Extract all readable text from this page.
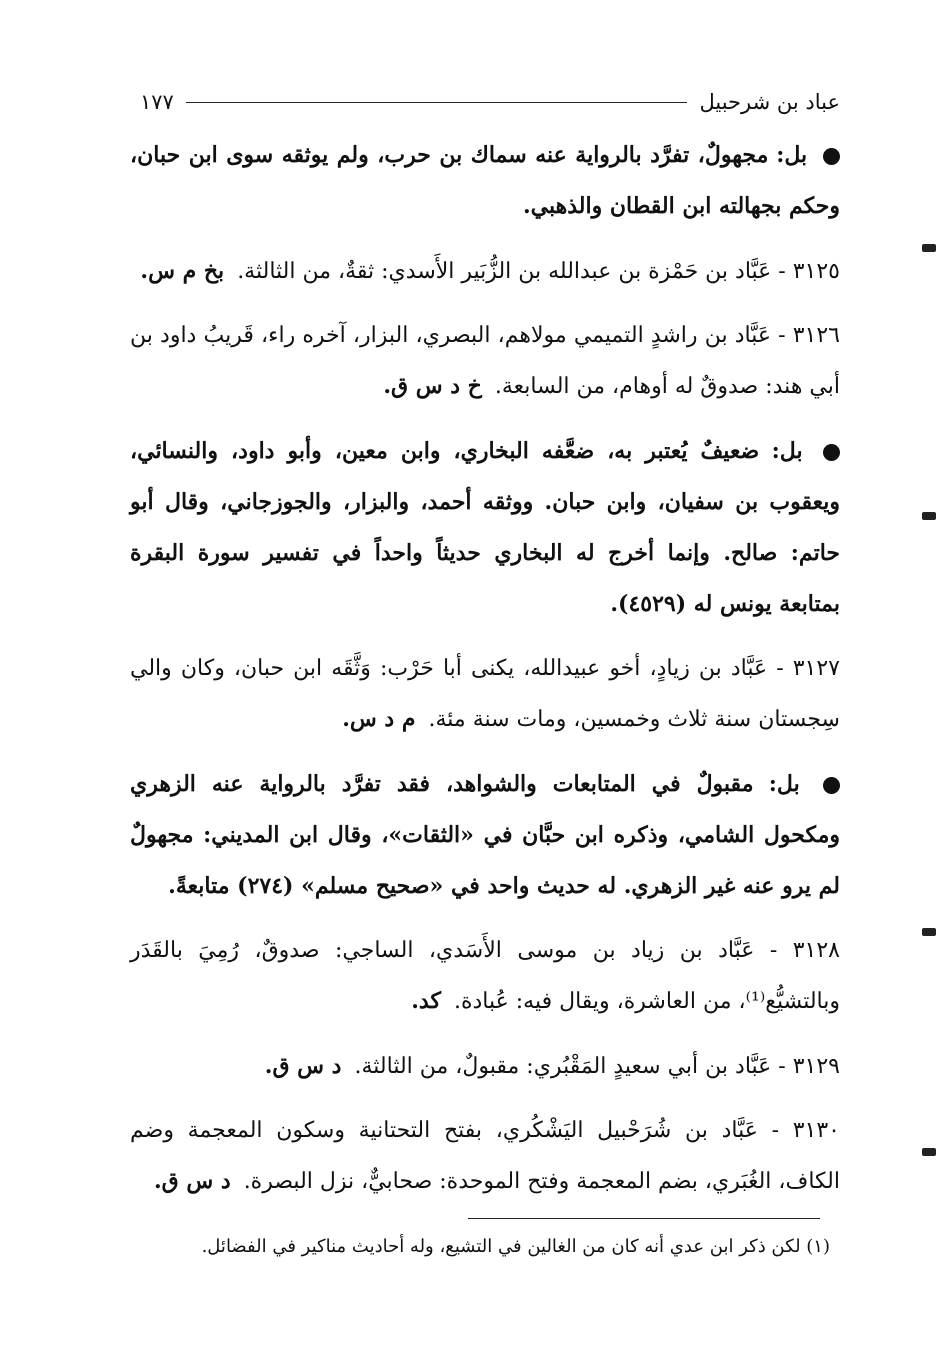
عباد بن شرحبيل
١٧٧

بل: مجهولٌ، تفرَّد بالرواية عنه سماك بن حرب، ولم يوثقه سوى ابن حبان، وحكم بجهالته ابن القطان والذهبي.

٣١٢٥ - عَبَّاد بن حَمْزة بن عبدالله بن الزُّبَير الأَسدي: ثقةٌ، من الثالثة. بخ م س.

٣١٢٦ - عَبَّاد بن راشدٍ التميمي مولاهم، البصري، البزار، آخره راء، قَريبُ داود بن أبي هند: صدوقٌ له أوهام، من السابعة. خ د س ق.

بل: ضعيفٌ يُعتبر به، ضعَّفه البخاري، وابن معين، وأبو داود، والنسائي، ويعقوب بن سفيان، وابن حبان. ووثقه أحمد، والبزار، والجوزجاني، وقال أبو حاتم: صالح. وإنما أخرج له البخاري حديثاً واحداً في تفسير سورة البقرة بمتابعة يونس له (٤٥٢٩).

٣١٢٧ - عَبَّاد بن زيادٍ، أخو عبيدالله، يكنى أبا حَرْب: وَثَّقَه ابن حبان، وكان والي سِجستان سنة ثلاث وخمسين، ومات سنة مئة. م د س.

بل: مقبولٌ في المتابعات والشواهد، فقد تفرَّد بالرواية عنه الزهري ومكحول الشامي، وذكره ابن حبَّان في «الثقات»، وقال ابن المديني: مجهولٌ لم يرو عنه غير الزهري. له حديث واحد في «صحيح مسلم» (٢٧٤) متابعةً.

٣١٢٨ - عَبَّاد بن زياد بن موسى الأَسَدي، الساجي: صدوقٌ، رُمِيَ بالقَدَر وبالتشيُّع⁽¹⁾، من العاشرة، ويقال فيه: عُبادة. كد.

٣١٢٩ - عَبَّاد بن أبي سعيدٍ المَقْبُري: مقبولٌ، من الثالثة. د س ق.

٣١٣٠ - عَبَّاد بن شُرَحْبيل اليَشْكُري، بفتح التحتانية وسكون المعجمة وضم الكاف، الغُبَري، بضم المعجمة وفتح الموحدة: صحابيٌّ، نزل البصرة. د س ق.

(١) لكن ذكر ابن عدي أنه كان من الغالين في التشيع، وله أحاديث مناكير في الفضائل.
